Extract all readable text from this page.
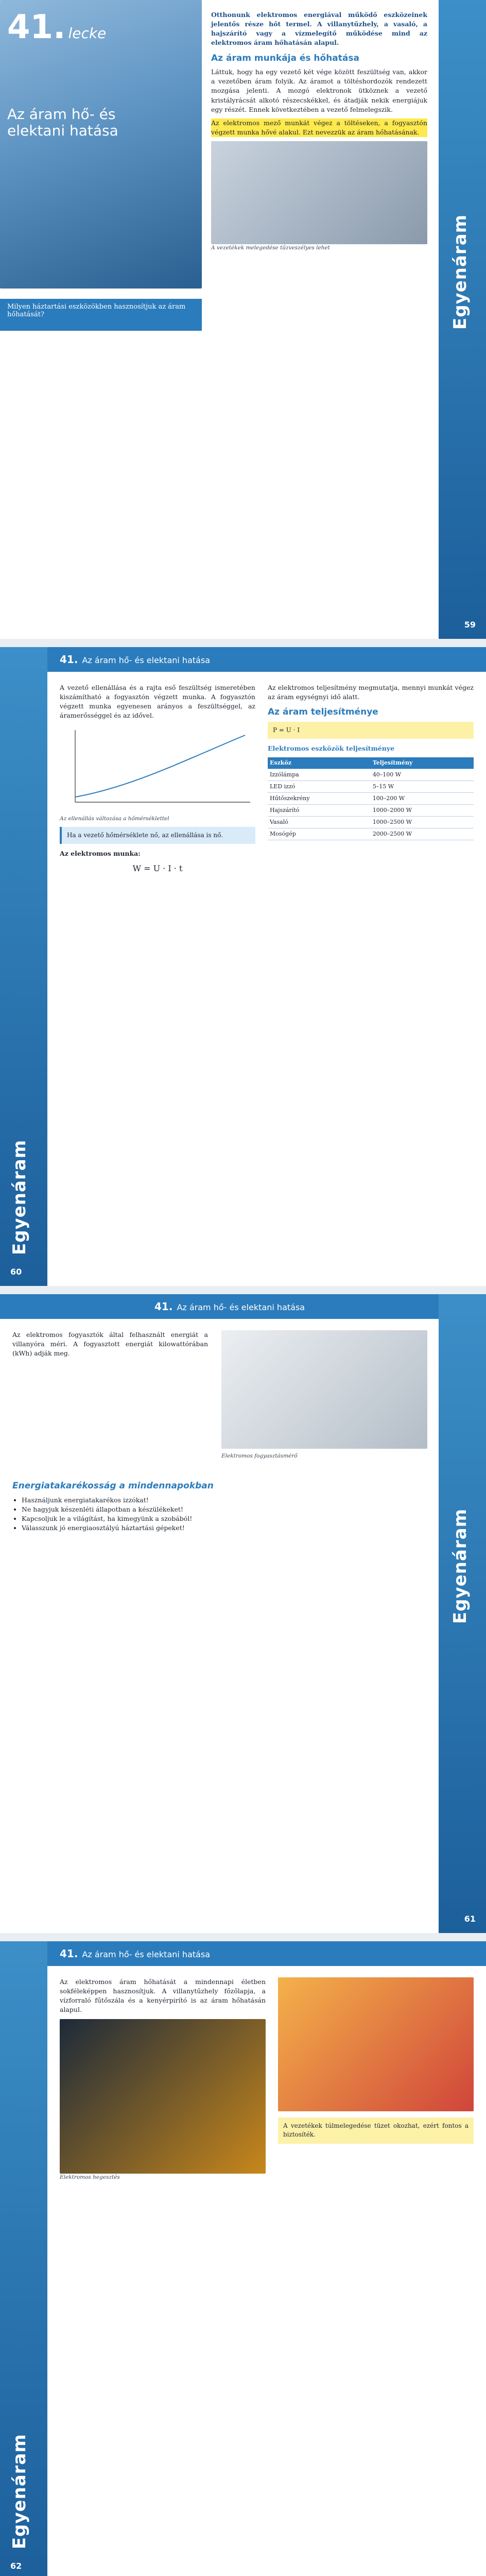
41. lecke
Az áram hő- és elektani hatása
Milyen háztartási eszközökben hasznosítjuk az áram hőhatását?

Otthonunk elektromos energiával működő eszközeinek jelentős része hőt termel. A villanytűzhely, a vasaló, a hajszárító vagy a vízmelegítő működése mind az elektromos áram hőhatásán alapul.

Az áram munkája és hőhatása

Láttuk, hogy ha egy vezető két vége között feszültség van, akkor a vezetőben áram folyik. Az áramot a töltéshordozók rendezett mozgása jelenti. A mozgó elektronok ütköznek a vezető kristályrácsát alkotó részecskékkel, és átadják nekik energiájuk egy részét. Ennek következtében a vezető felmelegszik.

Az elektromos mező munkát végez a töltéseken, a fogyasztón végzett munka hővé alakul. Ezt nevezzük az áram hőhatásának.

A vezetékek melegedése tűzveszélyes lehet	Egyenáram
59
Egyenáram
60
41. Az áram hő- és elektani hatása

A vezető ellenállása és a rajta eső feszültség ismeretében kiszámítható a fogyasztón végzett munka. A fogyasztón végzett munka egyenesen arányos a feszültséggel, az áramerősséggel és az idővel.

Az ellenállás változása a hőmérséklettel

Ha a vezető hőmérséklete nő, az ellenállása is nő.

Az elektromos munka:

W = U · I · t

Az elektromos teljesítmény megmutatja, mennyi munkát végez az áram egységnyi idő alatt.

Az áram teljesítménye
P = U · I

Elektromos eszközök teljesítménye

Eszköz	Teljesítmény
Izzólámpa	40–100 W
LED izzó	5–15 W
Hűtőszekrény	100–200 W
Hajszárító	1000–2000 W
Vasaló	1000–2500 W
Mosógép	2000–2500 W
41. Az áram hő- és elektani hatása

Az elektromos fogyasztók által felhasznált energiát a villanyóra méri. A fogyasztott energiát kilowattórában (kWh) adják meg.

Elektromos fogyasztásmérő

Energiatakarékosság a mindennapokban
• Használjunk energiatakarékos izzókat!
• Ne hagyjuk készenléti állapotban a készülékeket!
• Kapcsoljuk le a világítást, ha kimegyünk a szobából!
• Válasszunk jó energiaosztályú háztartási gépeket!	Egyenáram
61
Egyenáram
62
41. Az áram hő- és elektani hatása

Az elektromos áram hőhatását a mindennapi életben sokféleképpen hasznosítjuk. A villanytűzhely főzőlapja, a vízforraló fűtőszála és a kenyérpirító is az áram hőhatásán alapul.

Elektromos hegesztés

A vezetékek túlmelegedése tüzet okozhat, ezért fontos a biztosíték.
